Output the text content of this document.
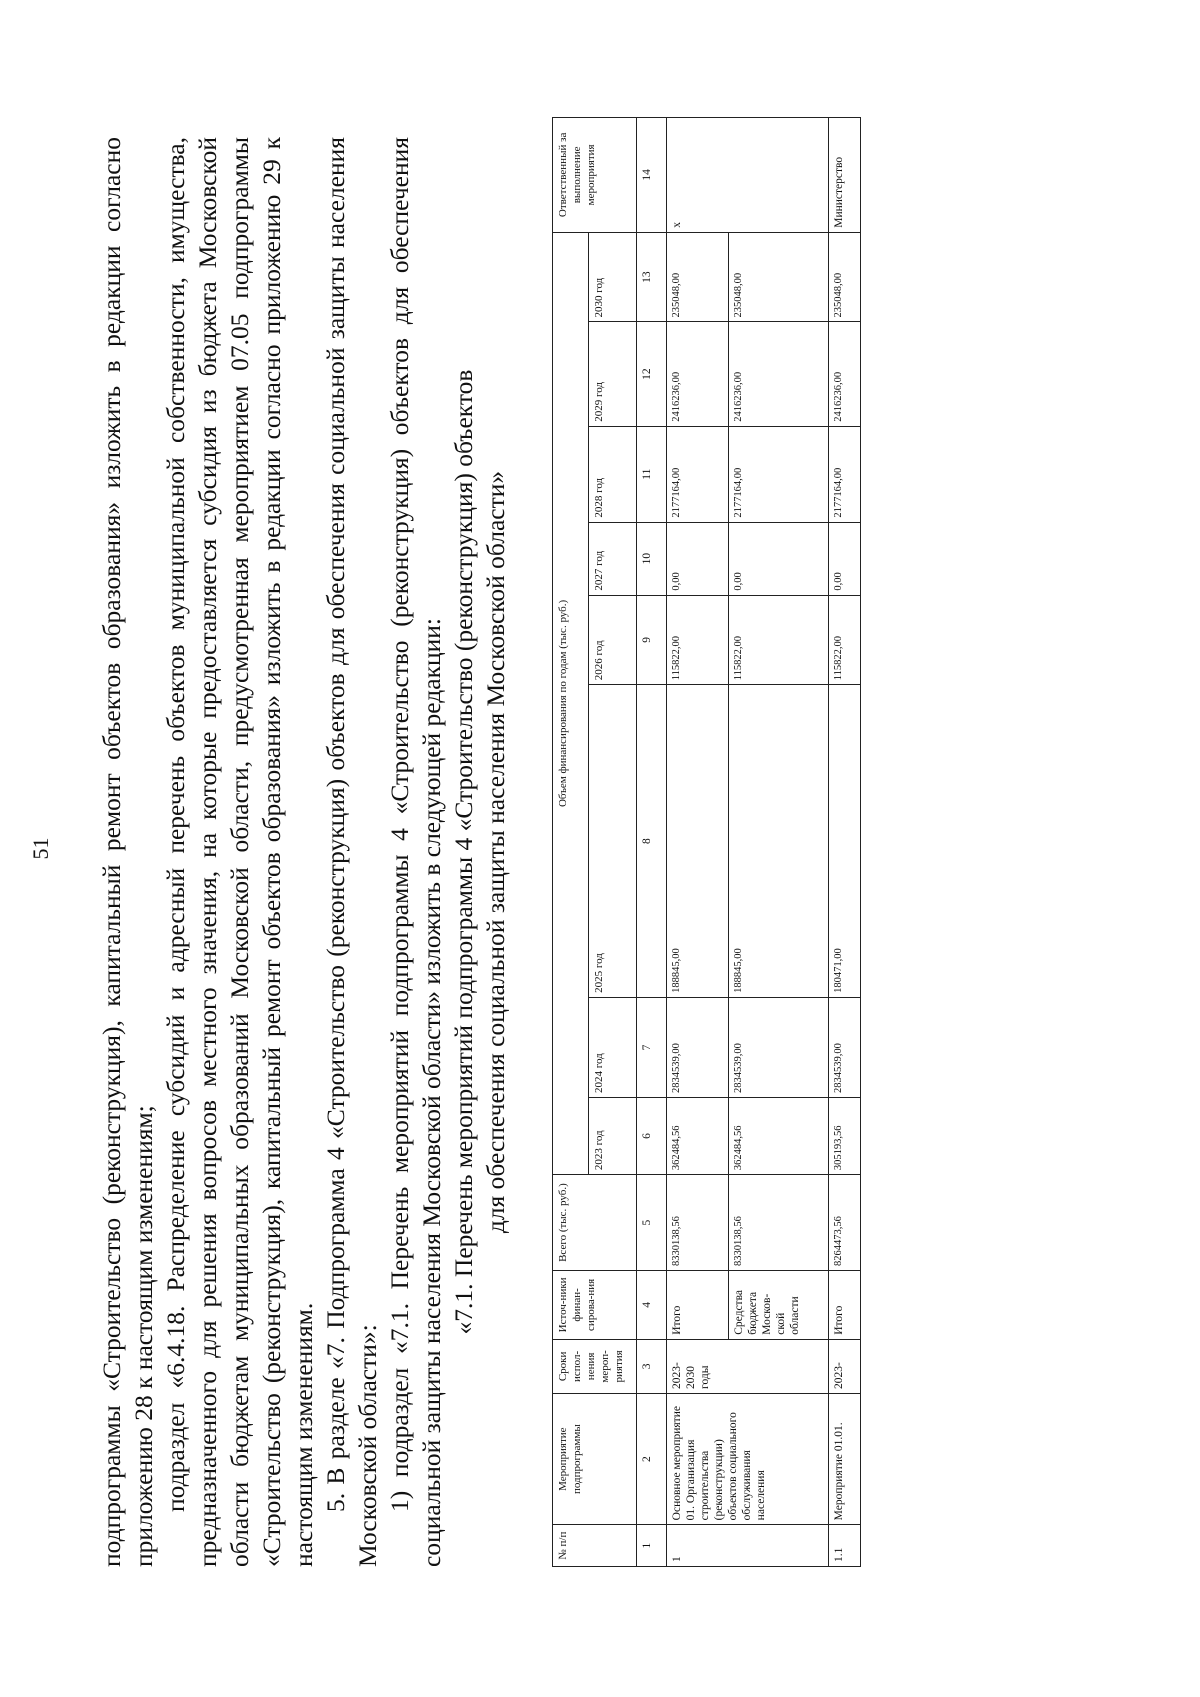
51 подпрограммы «Строительство (реконструкция), капитальный ремонт объектов образования» изложить в редакции согласно приложению 28 к настоящим изменениям; подраздел «6.4.18. Распределение субсидий и адресный перечень объектов муниципальной собственности, имущества, предназначенного для решения вопросов местного значения, на которые предоставляется субсидия из бюджета Московской области бюджетам муниципальных образований Московской области, предусмотренная мероприятием 07.05 подпрограммы «Строительство (реконструкция), капитальный ремонт объектов образования» изложить в редакции согласно приложению 29 к настоящим изменениям. 5. В разделе «7. Подпрограмма 4 «Строительство (реконструкция) объектов для обеспечения социальной защиты населения Московской области»: 1) подраздел «7.1. Перечень мероприятий подпрограммы 4 «Строительство (реконструкция) объектов для обеспечения социальной защиты населения Московской области» изложить в следующей редакции: «7.1. Перечень мероприятий подпрограммы 4 «Строительство (реконструкция) объектов для обеспечения социальной защиты населения Московской области»

№ п/п	Мероприятие подпрограммы	Сроки испол-нения мероп-риятия	Источ-ники финан-сирова-ния	Всего (тыс. руб.)	Объем финансирования по годам (тыс. руб.)								Ответственный за выполнение мероприятия
					2023 год	2024 год	2025 год	2026 год	2027 год	2028 год	2029 год	2030 год	
1	2	3	4	5	6	7	8	9	10	11	12	13	14
1	Основное мероприятие 01. Организация строительства (реконструкции) объектов социального обслуживания населения	2023-2030 годы	Итого	8330138,56	362484,56	2834539,00	188845,00	115822,00	0,00	2177164,00	2416236,00	235048,00	х
			Средства бюджета Москов-ской области	8330138,56	362484,56	2834539,00	188845,00	115822,00	0,00	2177164,00	2416236,00	235048,00	
1.1	Мероприятие 01.01.	2023-	Итого	8264473,56	305193,56	2834539,00	180471,00	115822,00	0,00	2177164,00	2416236,00	235048,00	Министерство
